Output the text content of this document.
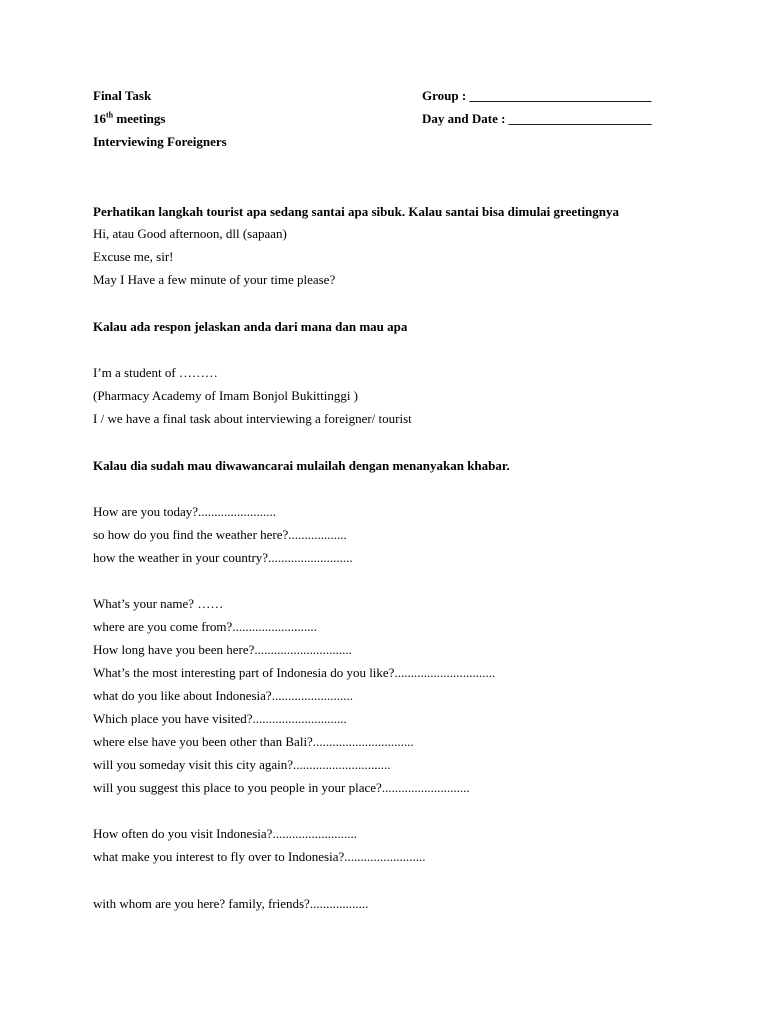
Final Task	Group : ____________________________
16th meetings	Day and Date : ______________________
Interviewing Foreigners
Perhatikan langkah tourist apa sedang santai apa sibuk. Kalau santai bisa dimulai greetingnya
Hi, atau Good afternoon, dll (sapaan)
Excuse me, sir!
May I Have a few minute of your time please?
Kalau ada respon jelaskan anda dari mana dan mau apa
I’m a student of ………
(Pharmacy Academy of Imam Bonjol Bukittinggi )
I / we have a final task about interviewing a foreigner/ tourist
Kalau dia sudah mau diwawancarai mulailah dengan menanyakan khabar.
How are you today?........................
so how do you find the weather here?..................
how the weather in your country?..........................
What’s your name? ……
where are you come from?..........................
How long have you been here?..............................
What’s the most interesting part of Indonesia do you like?...............................
what do you like about Indonesia?.........................
Which place you have visited?.............................
where else have you been other than Bali?...............................
will you someday visit this city again?..............................
will you suggest this place to you people in your place?...........................
How often do you visit Indonesia?..........................
what make you interest to fly over to Indonesia?.........................
with whom are you here? family, friends?..................
